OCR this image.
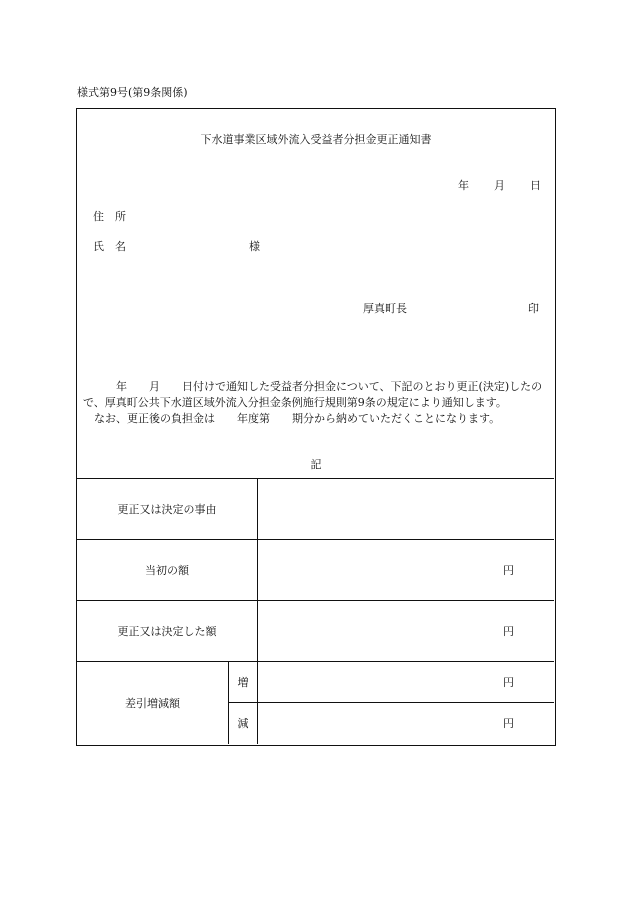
様式第9号(第9条関係)
下水道事業区域外流入受益者分担金更正通知書
年 月 日
住　所
氏　名	様
厚真町長	印

　　　年　　月　　日付けで通知した受益者分担金について、下記のとおり更正(決定)したので、厚真町公共下水道区域外流入分担金条例施行規則第9条の規定により通知します。

　なお、更正後の負担金は　　年度第　　期分から納めていただくことになります。

記
更正又は決定の事由		
当初の額		円
更正又は決定した額		円
差引増減額	増	円
	減	円
